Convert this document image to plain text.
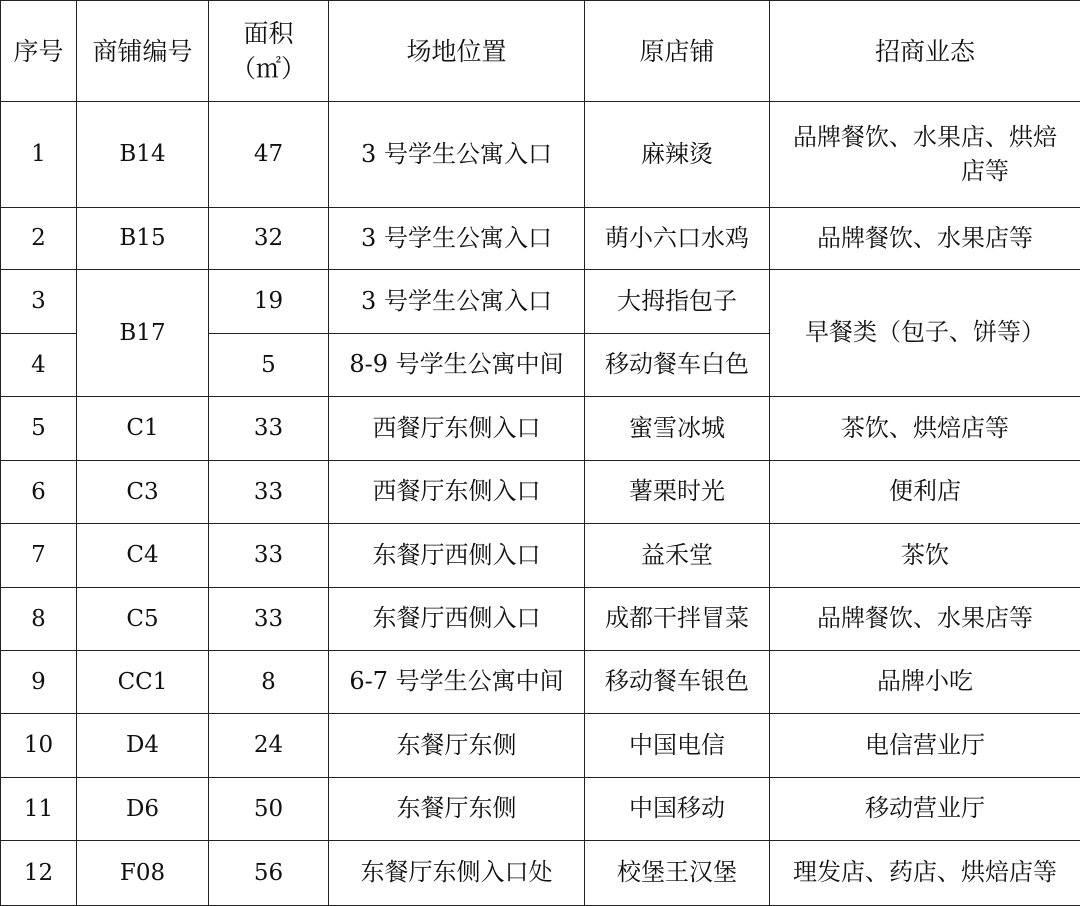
序号	商铺编号	面积（㎡）	场地位置	原店铺	招商业态
1	B14	47	3 号学生公寓入口	麻辣烫	品牌餐饮、水果店、烘焙
店等

2	B15	32	3 号学生公寓入口	萌小六口水鸡	品牌餐饮、水果店等
3	B17	19	3 号学生公寓入口	大拇指包子	早餐类（包子、饼等）
4		5	8-9 号学生公寓中间	移动餐车白色	
5	C1	33	西餐厅东侧入口	蜜雪冰城	茶饮、烘焙店等
6	C3	33	西餐厅东侧入口	薯栗时光	便利店
7	C4	33	东餐厅西侧入口	益禾堂	茶饮
8	C5	33	东餐厅西侧入口	成都干拌冒菜	品牌餐饮、水果店等
9	CC1	8	6-7 号学生公寓中间	移动餐车银色	品牌小吃
10	D4	24	东餐厅东侧	中国电信	电信营业厅
11	D6	50	东餐厅东侧	中国移动	移动营业厅
12	F08	56	东餐厅东侧入口处	校堡王汉堡	理发店、药店、烘焙店等
